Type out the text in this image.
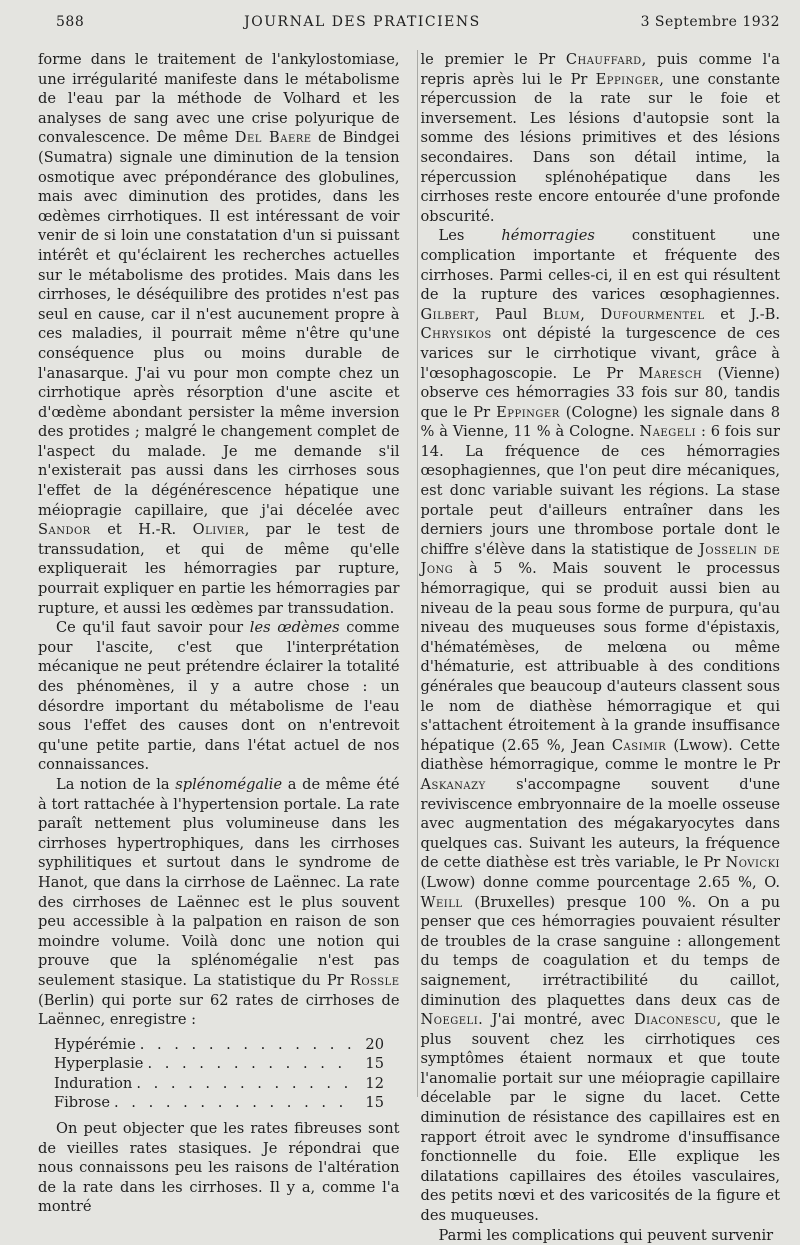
588	JOURNAL DES PRATICIENS	3 Septembre 1932

forme dans le traitement de l'ankylostomiase, une irrégularité manifeste dans le métabolisme de l'eau par la méthode de Volhard et les analyses de sang avec une crise polyurique de convalescence. De même Del Baere de Bindgei (Sumatra) signale une diminution de la tension osmotique avec prépondérance des globulines, mais avec diminution des protides, dans les œdèmes cirrhotiques. Il est intéressant de voir venir de si loin une constatation d'un si puissant intérêt et qu'éclairent les recherches actuelles sur le métabolisme des protides. Mais dans les cirrhoses, le déséquilibre des protides n'est pas seul en cause, car il n'est aucunement propre à ces maladies, il pourrait même n'être qu'une conséquence plus ou moins durable de l'anasarque. J'ai vu pour mon compte chez un cirrhotique après résorption d'une ascite et d'œdème abondant persister la même inversion des protides ; malgré le changement complet de l'aspect du malade. Je me demande s'il n'existerait pas aussi dans les cirrhoses sous l'effet de la dégénérescence hépatique une méiopragie capillaire, que j'ai décelée avec Sandor et H.-R. Olivier, par le test de transsudation, et qui de même qu'elle expliquerait les hémorragies par rupture, pourrait expliquer en partie les hémorragies par rupture, et aussi les œdèmes par transsudation.

Ce qu'il faut savoir pour les œdèmes comme pour l'ascite, c'est que l'interprétation mécanique ne peut prétendre éclairer la totalité des phénomènes, il y a autre chose : un désordre important du métabolisme de l'eau sous l'effet des causes dont on n'entrevoit qu'une petite partie, dans l'état actuel de nos connaissances.

La notion de la splénomégalie a de même été à tort rattachée à l'hypertension portale. La rate paraît nettement plus volumineuse dans les cirrhoses hypertrophiques, dans les cirrhoses syphilitiques et surtout dans le syndrome de Hanot, que dans la cirrhose de Laënnec. La rate des cirrhoses de Laënnec est le plus souvent peu accessible à la palpation en raison de son moindre volume. Voilà donc une notion qui prouve que la splénomégalie n'est pas seulement stasique. La statistique du Pr Rossle (Berlin) qui porte sur 62 rates de cirrhoses de Laënnec, enregistre :

Hypérémie . . .	20
Hyperplasie . . .	15
Induration . . .	12
Fibrose . . .	15

On peut objecter que les rates fibreuses sont de vieilles rates stasiques. Je répondrai que nous connaissons peu les raisons de l'altération de la rate dans les cirrhoses. Il y a, comme l'a montré

le premier le Pr Chauffard, puis comme l'a repris après lui le Pr Eppinger, une constante répercussion de la rate sur le foie et inversement. Les lésions d'autopsie sont la somme des lésions primitives et des lésions secondaires. Dans son détail intime, la répercussion splénohépatique dans les cirrhoses reste encore entourée d'une profonde obscurité.

Les hémorragies constituent une complication importante et fréquente des cirrhoses. Parmi celles-ci, il en est qui résultent de la rupture des varices œsophagiennes. Gilbert, Paul Blum, Dufourmentel et J.-B. Chrysikos ont dépisté la turgescence de ces varices sur le cirrhotique vivant, grâce à l'œsophagoscopie. Le Pr Maresch (Vienne) observe ces hémorragies 33 fois sur 80, tandis que le Pr Eppinger (Cologne) les signale dans 8 % à Vienne, 11 % à Cologne. Naegeli : 6 fois sur 14. La fréquence de ces hémorragies œsophagiennes, que l'on peut dire mécaniques, est donc variable suivant les régions. La stase portale peut d'ailleurs entraîner dans les derniers jours une thrombose portale dont le chiffre s'élève dans la statistique de Josselin de Jong à 5 %. Mais souvent le processus hémorragique, qui se produit aussi bien au niveau de la peau sous forme de purpura, qu'au niveau des muqueuses sous forme d'épistaxis, d'hématémèses, de melœna ou même d'hématurie, est attribuable à des conditions générales que beaucoup d'auteurs classent sous le nom de diathèse hémorragique et qui s'attachent étroitement à la grande insuffisance hépatique (2.65 %, Jean Casimir (Lwow). Cette diathèse hémorragique, comme le montre le Pr Askanazy s'accompagne souvent d'une reviviscence embryonnaire de la moelle osseuse avec augmentation des mégakaryocytes dans quelques cas. Suivant les auteurs, la fréquence de cette diathèse est très variable, le Pr Novicki (Lwow) donne comme pourcentage 2.65 %, O. Weill (Bruxelles) presque 100 %. On a pu penser que ces hémorragies pouvaient résulter de troubles de la crase sanguine : allongement du temps de coagulation et du temps de saignement, irrétractibilité du caillot, diminution des plaquettes dans deux cas de Noegeli. J'ai montré, avec Diaconescu, que le plus souvent chez les cirrhotiques ces symptômes étaient normaux et que toute l'anomalie portait sur une méiopragie capillaire décelable par le signe du lacet. Cette diminution de résistance des capillaires est en rapport étroit avec le syndrome d'insuffisance fonctionnelle du foie. Elle explique les dilatations capillaires des étoiles vasculaires, des petits nœvi et des varicosités de la figure et des muqueuses.

Parmi les complications qui peuvent survenir
